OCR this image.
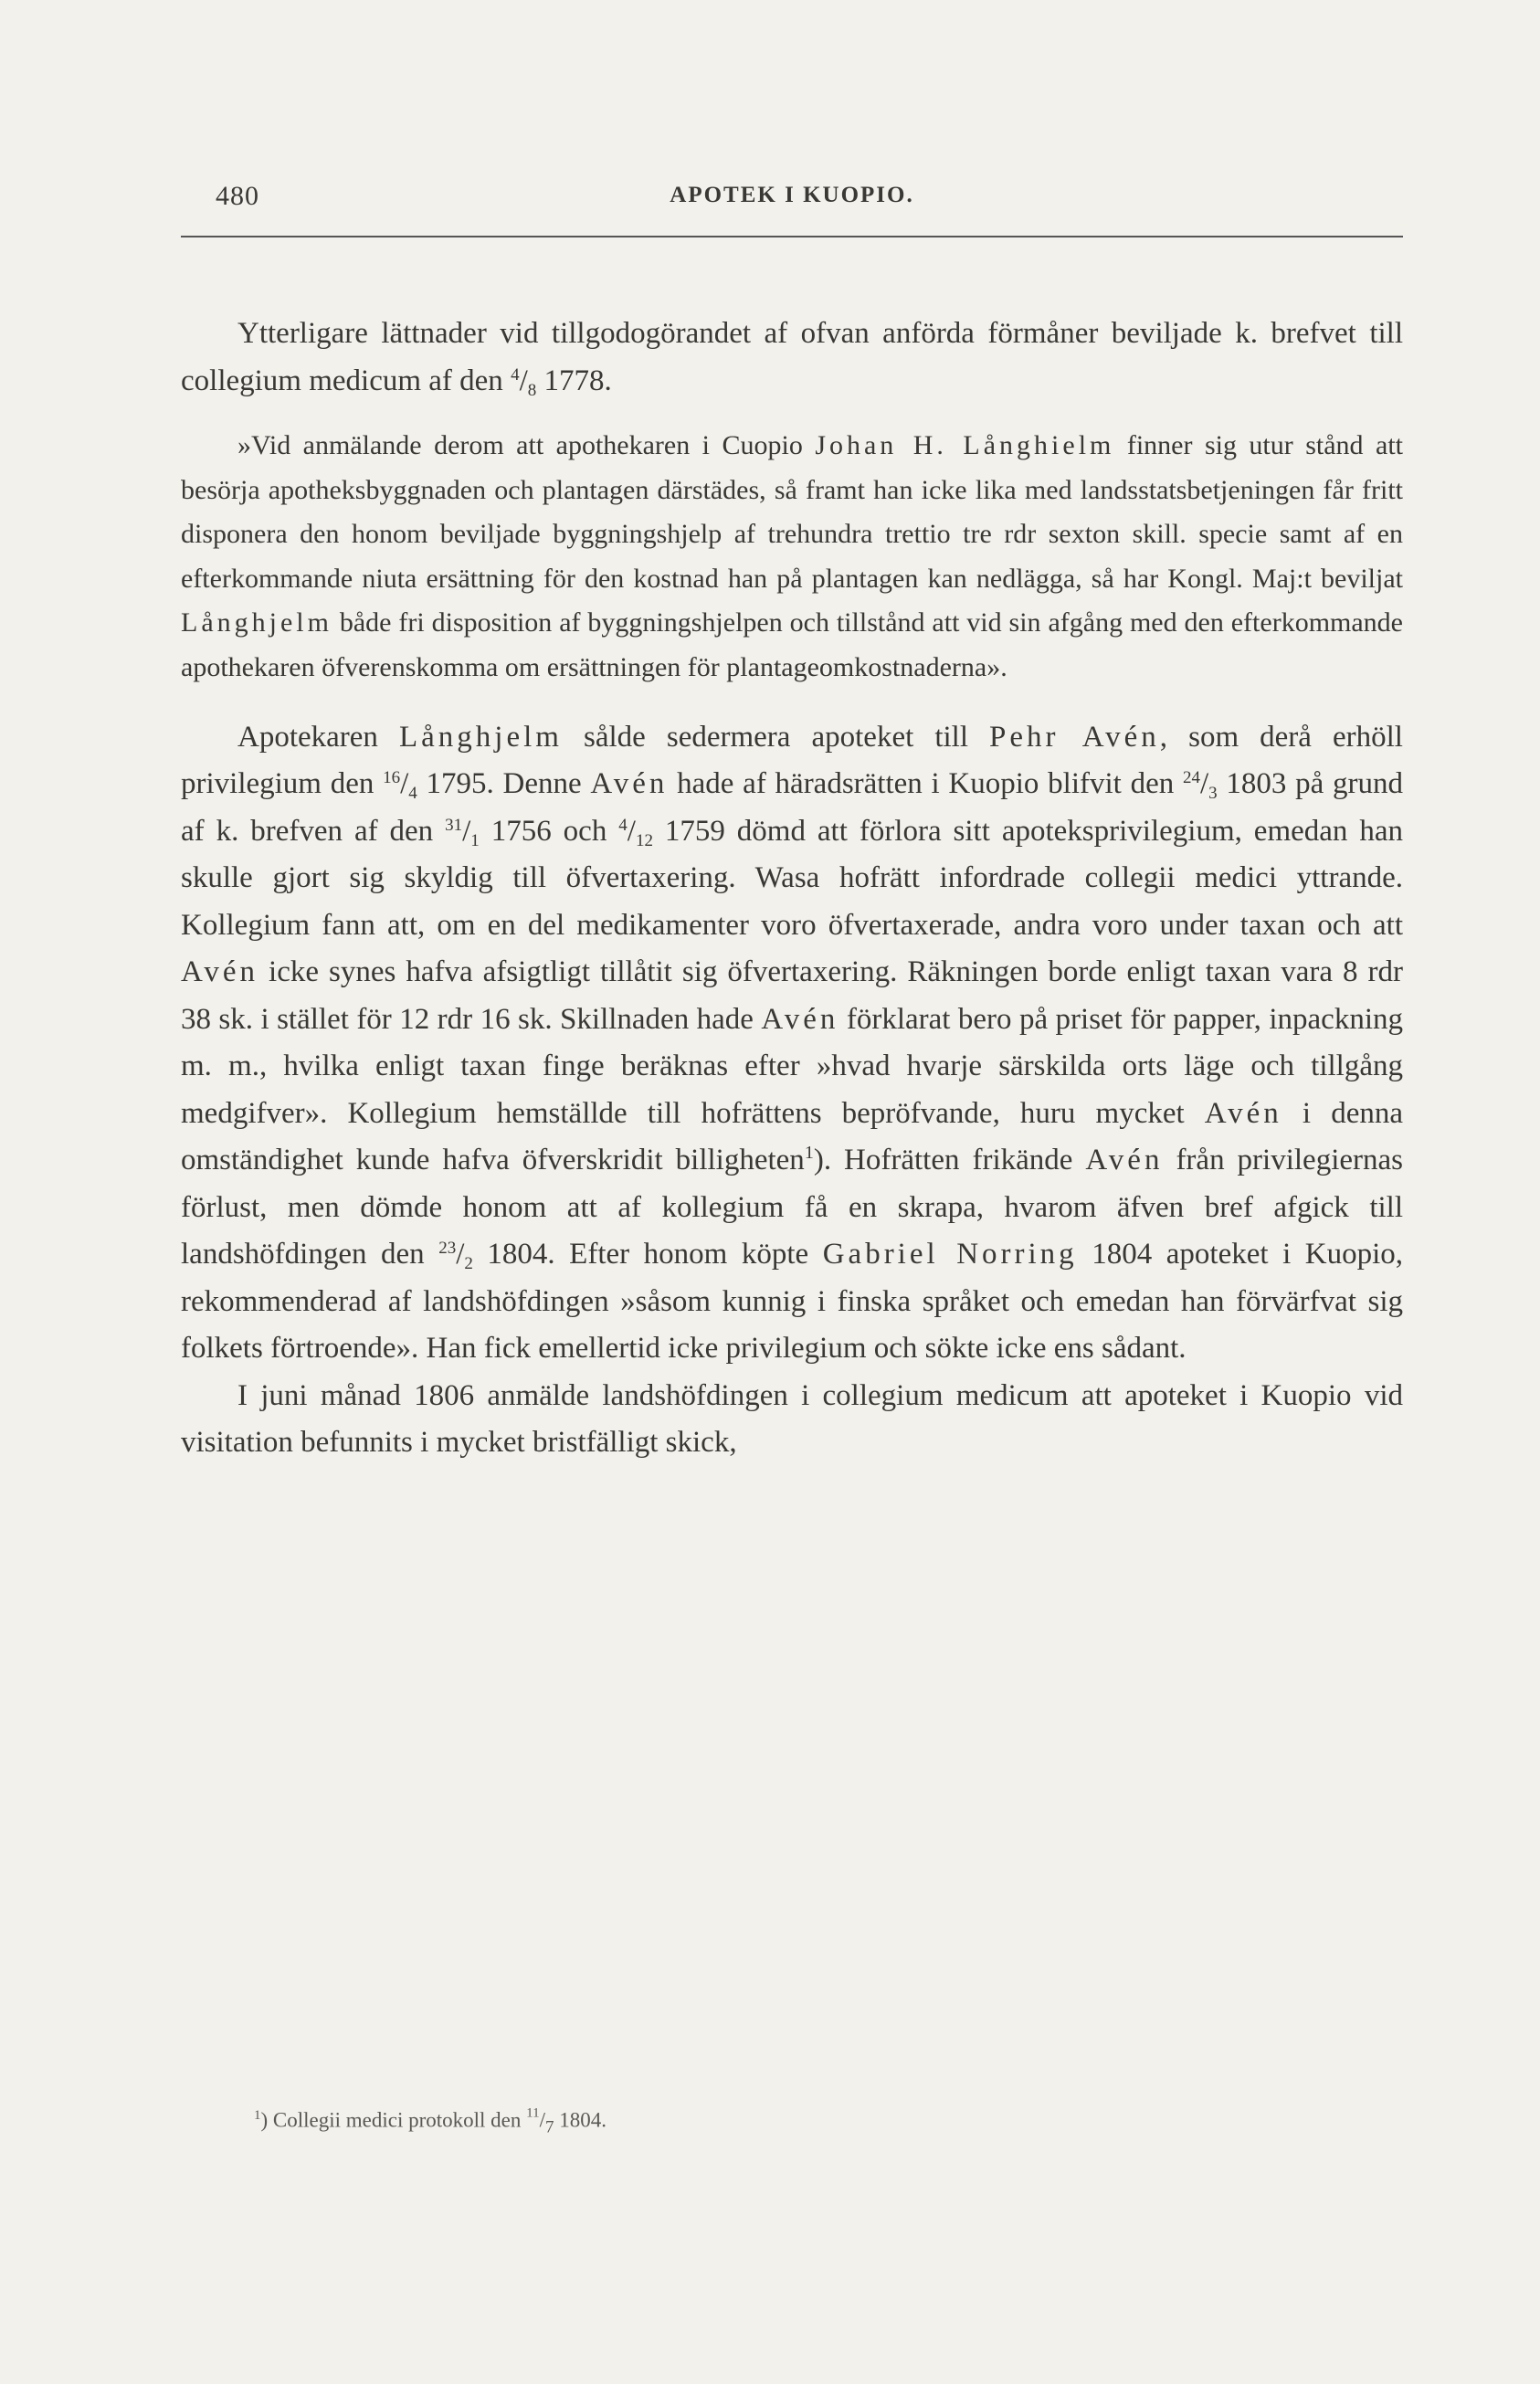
480	APOTEK I KUOPIO.

Ytterligare lättnader vid tillgodogörandet af ofvan anförda förmåner beviljade k. brefvet till collegium medicum af den $^4/_8$ 1778.

»Vid anmälande derom att apothekaren i Cuopio Johan H. Långhielm finner sig utur stånd att besörja apotheksbyggnaden och plantagen därstädes, så framt han icke lika med landsstatsbetjeningen får fritt disponera den honom beviljade byggningshjelp af trehundra trettio tre rdr sexton skill. specie samt af en efterkommande niuta ersättning för den kostnad han på plantagen kan nedlägga, så har Kongl. Maj:t beviljat Långhjelm både fri disposition af byggningshjelpen och tillstånd att vid sin afgång med den efterkommande apothekaren öfverenskomma om ersättningen för plantageomkostnaderna».

Apotekaren Långhjelm sålde sedermera apoteket till Pehr Avén, som derå erhöll privilegium den $^{16}/_4$ 1795. Denne Avén hade af häradsrätten i Kuopio blifvit den $^{24}/_3$ 1803 på grund af k. brefven af den $^{31}/_1$ 1756 och $^4/_{12}$ 1759 dömd att förlora sitt apoteksprivilegium, emedan han skulle gjort sig skyldig till öfvertaxering. Wasa hofrätt infordrade collegii medici yttrande. Kollegium fann att, om en del medikamenter voro öfvertaxerade, andra voro under taxan och att Avén icke synes hafva afsigtligt tillåtit sig öfvertaxering. Räkningen borde enligt taxan vara 8 rdr 38 sk. i stället för 12 rdr 16 sk. Skillnaden hade Avén förklarat bero på priset för papper, inpackning m. m., hvilka enligt taxan finge beräknas efter »hvad hvarje särskilda orts läge och tillgång medgifver». Kollegium hemställde till hofrättens bepröfvande, huru mycket Avén i denna omständighet kunde hafva öfverskridit billigheten$^1$). Hofrätten frikände Avén från privilegiernas förlust, men dömde honom att af kollegium få en skrapa, hvarom äfven bref afgick till landshöfdingen den $^{23}/_2$ 1804. Efter honom köpte Gabriel Norring 1804 apoteket i Kuopio, rekommenderad af landshöfdingen »såsom kunnig i finska språket och emedan han förvärfvat sig folkets förtroende». Han fick emellertid icke privilegium och sökte icke ens sådant.

I juni månad 1806 anmälde landshöfdingen i collegium medicum att apoteket i Kuopio vid visitation befunnits i mycket bristfälligt skick,

$^1$) Collegii medici protokoll den $^{11}/_7$ 1804.
